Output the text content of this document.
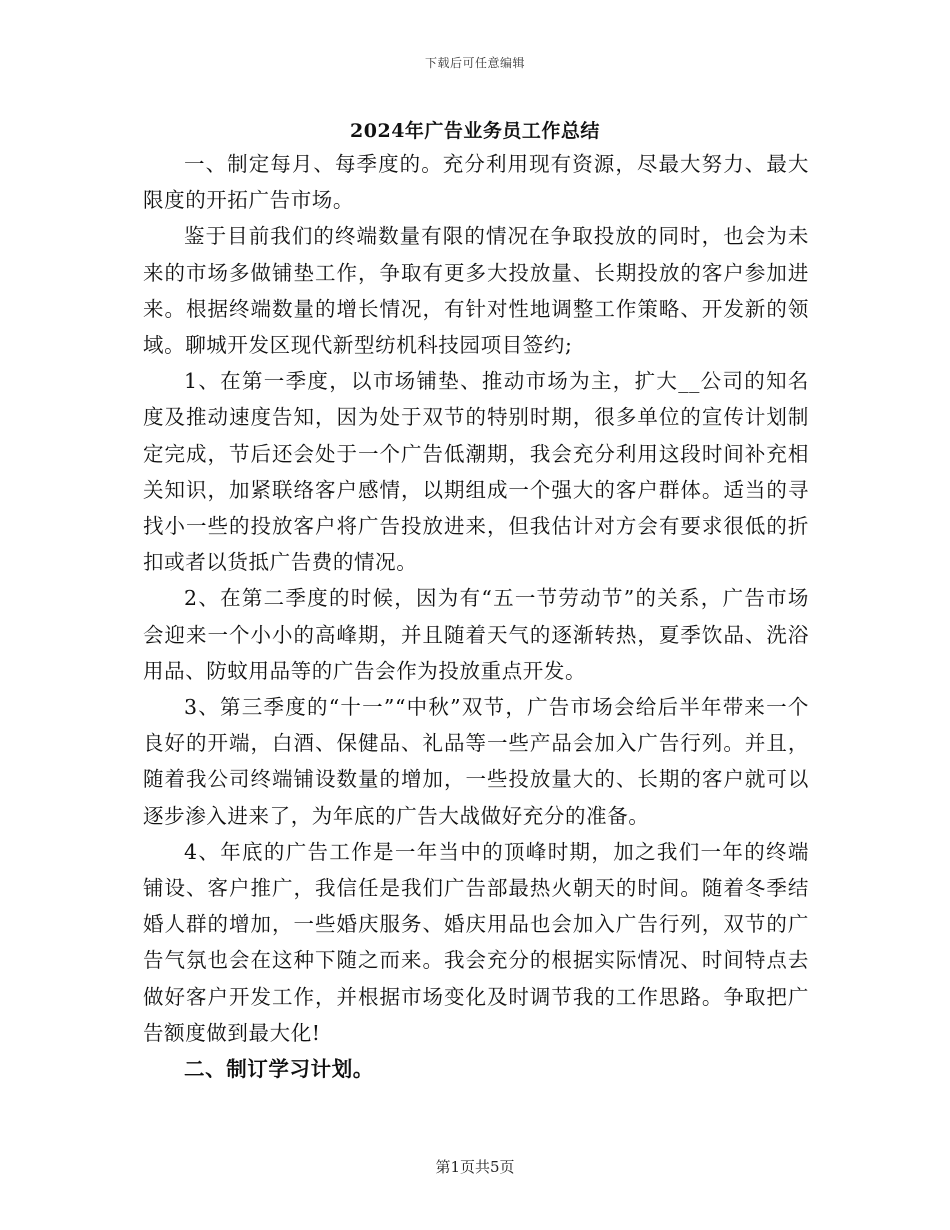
下载后可任意编辑
2024年广告业务员工作总结

一、制定每月、每季度的。充分利用现有资源，尽最大努力、最大限度的开拓广告市场。

鉴于目前我们的终端数量有限的情况在争取投放的同时，也会为未来的市场多做铺垫工作，争取有更多大投放量、长期投放的客户参加进来。根据终端数量的增长情况，有针对性地调整工作策略、开发新的领域。聊城开发区现代新型纺机科技园项目签约;

1、在第一季度，以市场铺垫、推动市场为主，扩大__公司的知名度及推动速度告知，因为处于双节的特别时期，很多单位的宣传计划制定完成，节后还会处于一个广告低潮期，我会充分利用这段时间补充相关知识，加紧联络客户感情，以期组成一个强大的客户群体。适当的寻找小一些的投放客户将广告投放进来，但我估计对方会有要求很低的折扣或者以货抵广告费的情况。

2、在第二季度的时候，因为有“五一节劳动节”的关系，广告市场会迎来一个小小的高峰期，并且随着天气的逐渐转热，夏季饮品、洗浴用品、防蚊用品等的广告会作为投放重点开发。

3、第三季度的“十一”“中秋”双节，广告市场会给后半年带来一个良好的开端，白酒、保健品、礼品等一些产品会加入广告行列。并且，随着我公司终端铺设数量的增加，一些投放量大的、长期的客户就可以逐步渗入进来了，为年底的广告大战做好充分的准备。

4、年底的广告工作是一年当中的顶峰时期，加之我们一年的终端铺设、客户推广，我信任是我们广告部最热火朝天的时间。随着冬季结婚人群的增加，一些婚庆服务、婚庆用品也会加入广告行列，双节的广告气氛也会在这种下随之而来。我会充分的根据实际情况、时间特点去做好客户开发工作，并根据市场变化及时调节我的工作思路。争取把广告额度做到最大化!

二、制订学习计划。

第1页共5页
